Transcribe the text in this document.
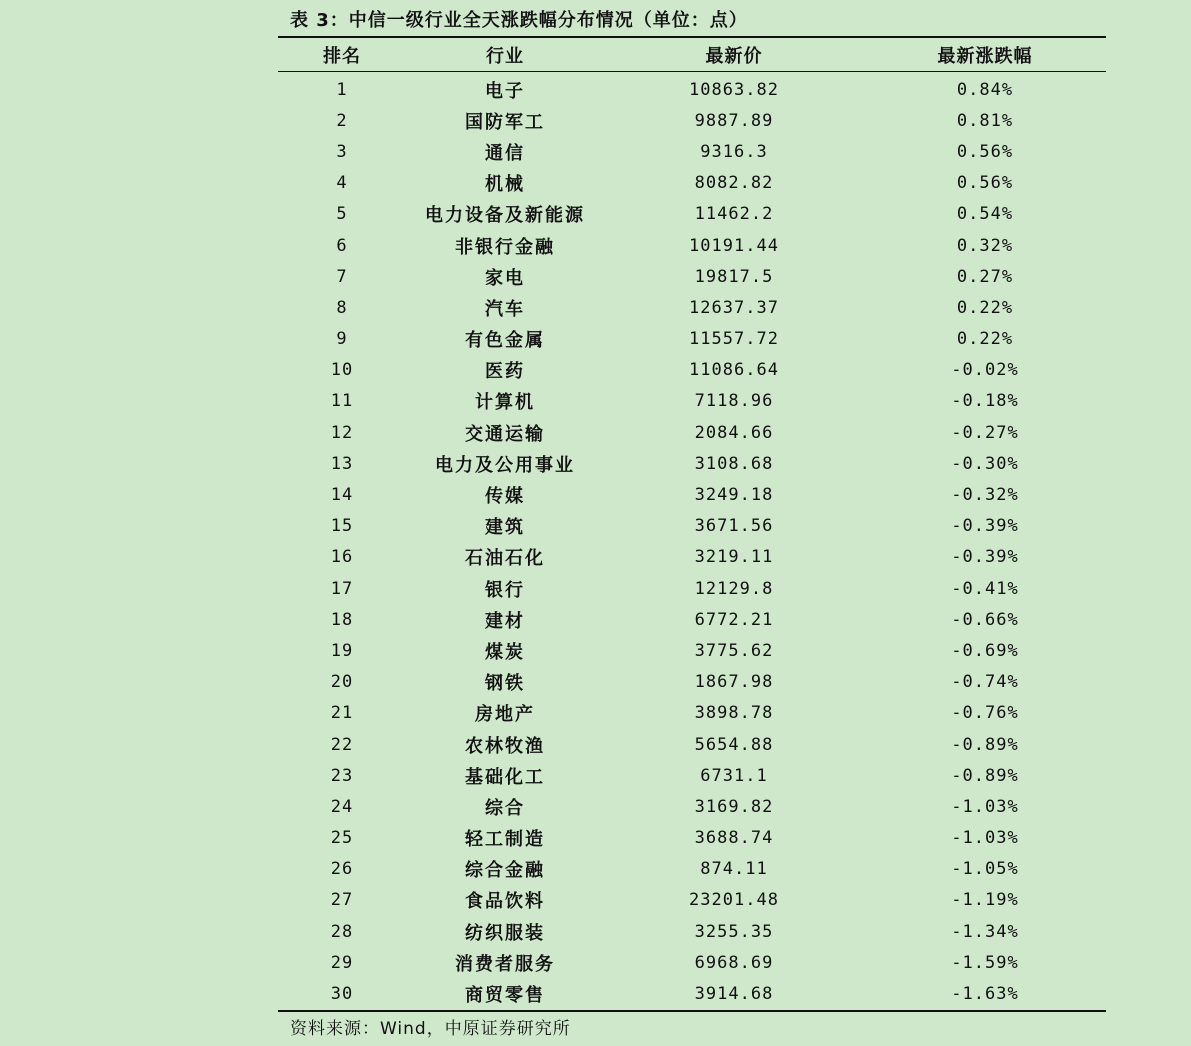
表 3：中信一级行业全天涨跌幅分布情况（单位：点）
排名	行业	最新价	最新涨跌幅
1	电子	10863.82	0.84%
2	国防军工	9887.89	0.81%
3	通信	9316.3	0.56%
4	机械	8082.82	0.56%
5	电力设备及新能源	11462.2	0.54%
6	非银行金融	10191.44	0.32%
7	家电	19817.5	0.27%
8	汽车	12637.37	0.22%
9	有色金属	11557.72	0.22%
10	医药	11086.64	-0.02%
11	计算机	7118.96	-0.18%
12	交通运输	2084.66	-0.27%
13	电力及公用事业	3108.68	-0.30%
14	传媒	3249.18	-0.32%
15	建筑	3671.56	-0.39%
16	石油石化	3219.11	-0.39%
17	银行	12129.8	-0.41%
18	建材	6772.21	-0.66%
19	煤炭	3775.62	-0.69%
20	钢铁	1867.98	-0.74%
21	房地产	3898.78	-0.76%
22	农林牧渔	5654.88	-0.89%
23	基础化工	6731.1	-0.89%
24	综合	3169.82	-1.03%
25	轻工制造	3688.74	-1.03%
26	综合金融	874.11	-1.05%
27	食品饮料	23201.48	-1.19%
28	纺织服装	3255.35	-1.34%
29	消费者服务	6968.69	-1.59%
30	商贸零售	3914.68	-1.63%
资料来源：Wind，中原证券研究所
